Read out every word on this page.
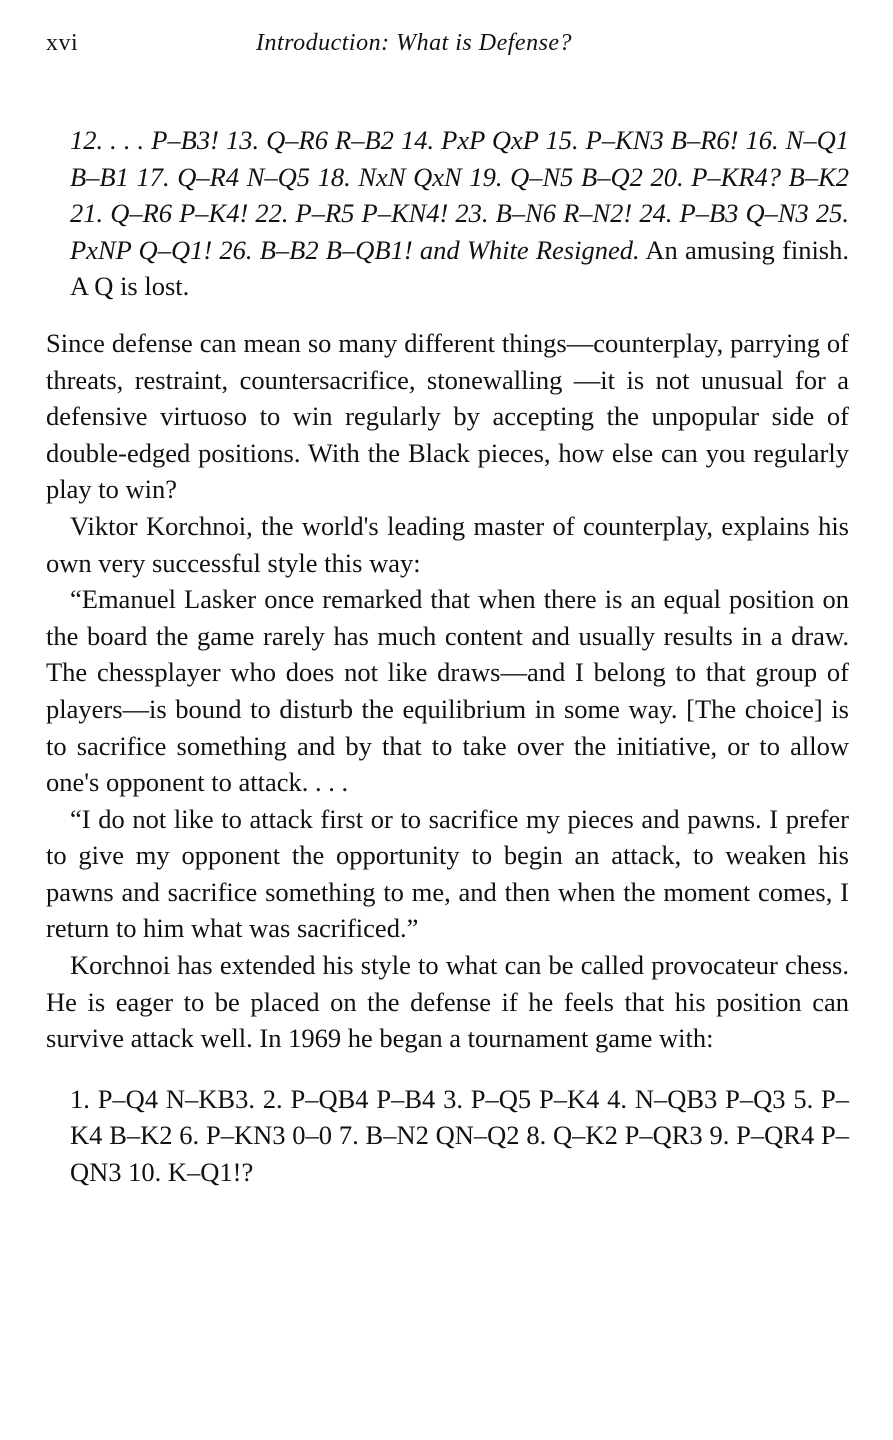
xvi	Introduction: What is Defense?

12. . . . P–B3! 13. Q–R6 R–B2 14. PxP QxP 15. P–KN3 B–R6! 16. N–Q1 B–B1 17. Q–R4 N–Q5 18. NxN QxN 19. Q–N5 B–Q2 20. P–KR4? B–K2 21. Q–R6 P–K4! 22. P–R5 P–KN4! 23. B–N6 R–N2! 24. P–B3 Q–N3 25. PxNP Q–Q1! 26. B–B2 B–QB1! and White Resigned. An amusing finish. A Q is lost.

Since defense can mean so many different things—counterplay, parrying of threats, restraint, countersacrifice, stonewalling —it is not unusual for a defensive virtuoso to win regularly by accepting the unpopular side of double-edged positions. With the Black pieces, how else can you regularly play to win?

Viktor Korchnoi, the world's leading master of counterplay, explains his own very successful style this way:

“Emanuel Lasker once remarked that when there is an equal position on the board the game rarely has much content and usually results in a draw. The chessplayer who does not like draws—and I belong to that group of players—is bound to disturb the equilibrium in some way. [The choice] is to sacrifice something and by that to take over the initiative, or to allow one's opponent to attack. . . .

“I do not like to attack first or to sacrifice my pieces and pawns. I prefer to give my opponent the opportunity to begin an attack, to weaken his pawns and sacrifice something to me, and then when the moment comes, I return to him what was sacrificed.”

Korchnoi has extended his style to what can be called provocateur chess. He is eager to be placed on the defense if he feels that his position can survive attack well. In 1969 he began a tournament game with:

1. P–Q4 N–KB3. 2. P–QB4 P–B4 3. P–Q5 P–K4 4. N–QB3 P–Q3 5. P–K4 B–K2 6. P–KN3 0–0 7. B–N2 QN–Q2 8. Q–K2 P–QR3 9. P–QR4 P–QN3 10. K–Q1!?
